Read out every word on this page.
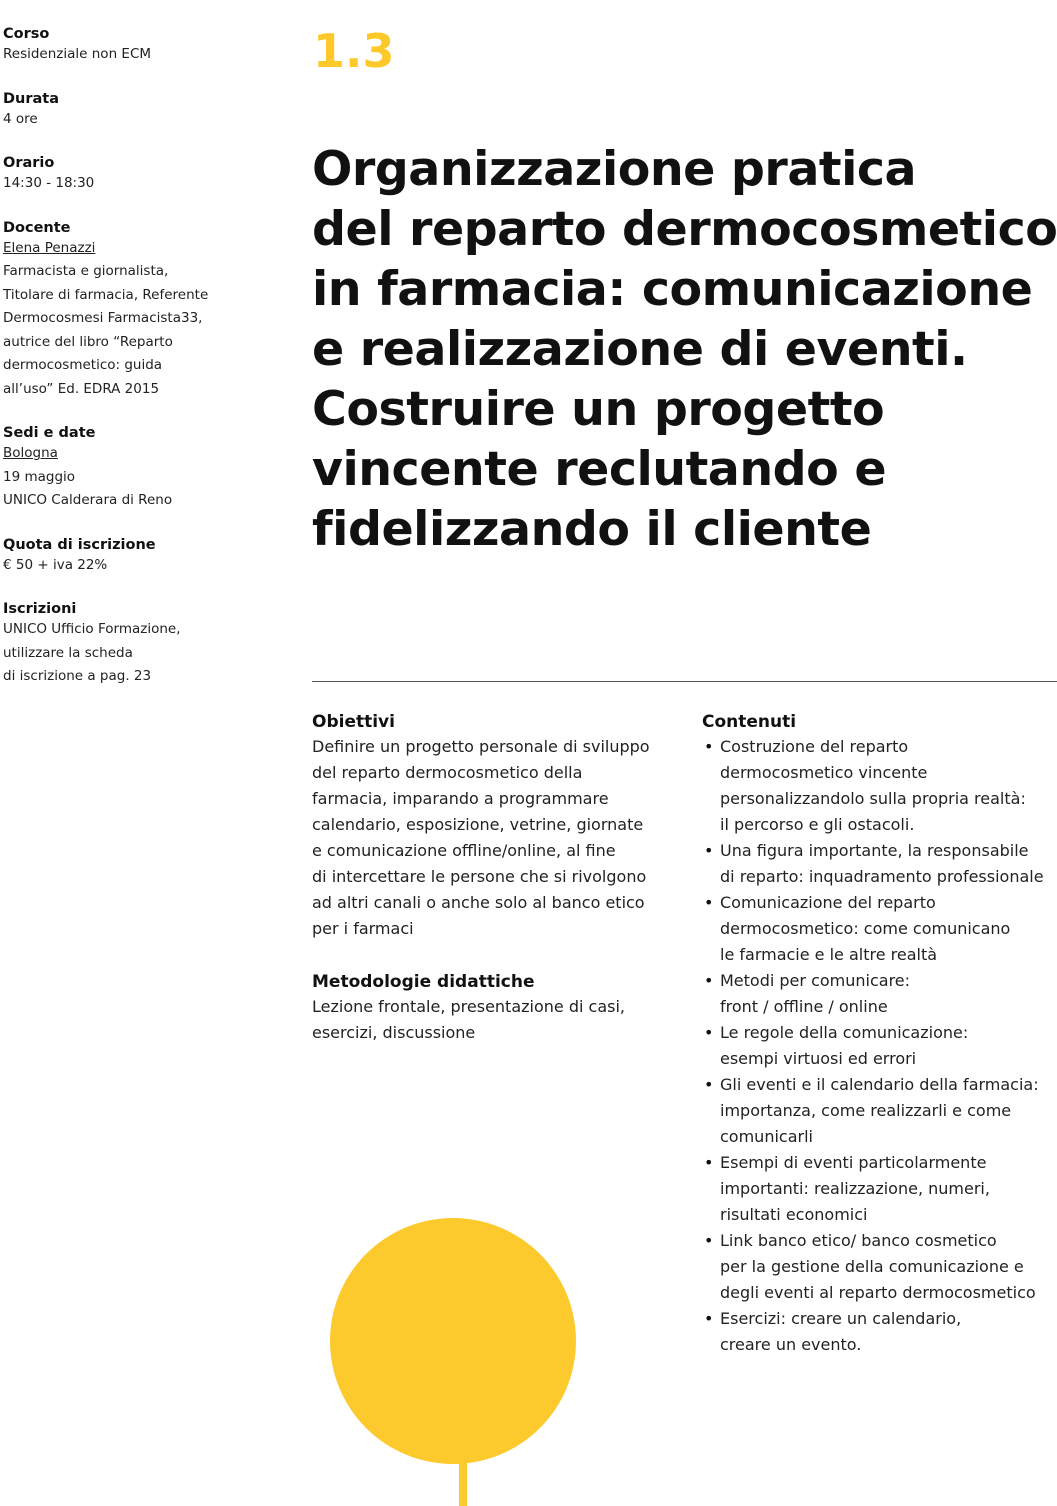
Corso
Residenziale non ECM
Durata
4 ore
Orario
14:30 - 18:30
Docente
Elena Penazzi
Farmacista e giornalista,
Titolare di farmacia, Referente
Dermocosmesi Farmacista33,
autrice del libro “Reparto
dermocosmetico: guida
all’uso” Ed. EDRA 2015
Sedi e date
Bologna
19 maggio
UNICO Calderara di Reno
Quota di iscrizione
€ 50 + iva 22%
Iscrizioni
UNICO Ufficio Formazione,
utilizzare la scheda
di iscrizione a pag. 23
1.3
Organizzazione pratica
del reparto dermocosmetico
in farmacia: comunicazione
e realizzazione di eventi.
Costruire un progetto
vincente reclutando e
fidelizzando il cliente
Obiettivi
Definire un progetto personale di sviluppo
del reparto dermocosmetico della
farmacia, imparando a programmare
calendario, esposizione, vetrine, giornate
e comunicazione offline/online, al fine
di intercettare le persone che si rivolgono
ad altri canali o anche solo al banco etico
per i farmaci
Metodologie didattiche
Lezione frontale, presentazione di casi,
esercizi, discussione
Contenuti
• Costruzione del reparto
dermocosmetico vincente
personalizzandolo sulla propria realtà:
il percorso e gli ostacoli.
• Una figura importante, la responsabile
di reparto: inquadramento professionale
• Comunicazione del reparto
dermocosmetico: come comunicano
le farmacie e le altre realtà
• Metodi per comunicare:
front / offline / online
• Le regole della comunicazione:
esempi virtuosi ed errori
• Gli eventi e il calendario della farmacia:
importanza, come realizzarli e come
comunicarli
• Esempi di eventi particolarmente
importanti: realizzazione, numeri,
risultati economici
• Link banco etico/ banco cosmetico
per la gestione della comunicazione e
degli eventi al reparto dermocosmetico
• Esercizi: creare un calendario,
creare un evento.
